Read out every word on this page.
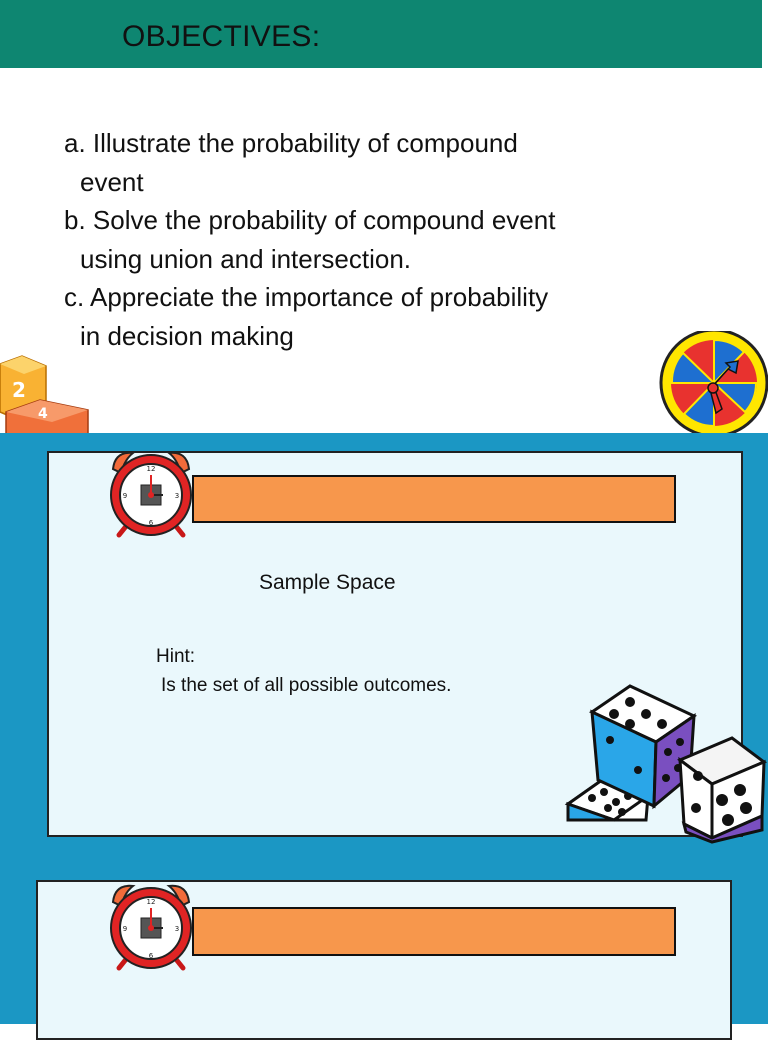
OBJECTIVES:
a. Illustrate the probability of compound
event
b. Solve the probability of compound event
using union and intersection.
c. Appreciate the importance of probability
in decision making
2
4
12
3
6
9
Sample Space
Hint:
Is the set of all possible outcomes.
12
3
6
9
